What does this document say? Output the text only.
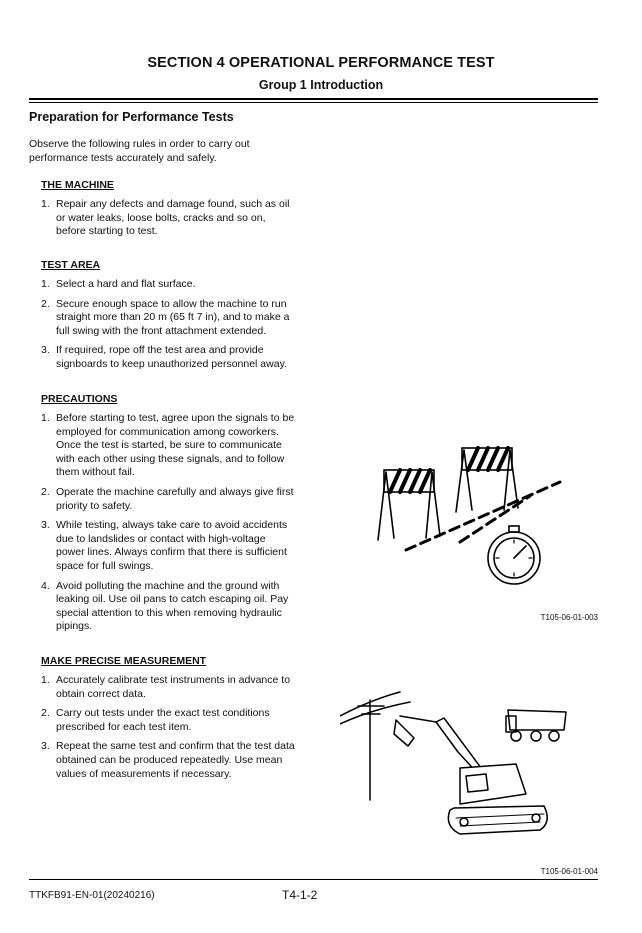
SECTION 4 OPERATIONAL PERFORMANCE TEST
Group 1 Introduction
Preparation for Performance Tests
Observe the following rules in order to carry out performance tests accurately and safely.
THE MACHINE
1. Repair any defects and damage found, such as oil or water leaks, loose bolts, cracks and so on, before starting to test.
TEST AREA
1. Select a hard and flat surface.
2. Secure enough space to allow the machine to run straight more than 20 m (65 ft 7 in), and to make a full swing with the front attachment extended.
3. If required, rope off the test area and provide signboards to keep unauthorized personnel away.
PRECAUTIONS
1. Before starting to test, agree upon the signals to be employed for communication among coworkers. Once the test is started, be sure to communicate with each other using these signals, and to follow them without fail.
2. Operate the machine carefully and always give first priority to safety.
3. While testing, always take care to avoid accidents due to landslides or contact with high-voltage power lines. Always confirm that there is sufficient space for full swings.
4. Avoid polluting the machine and the ground with leaking oil. Use oil pans to catch escaping oil. Pay special attention to this when removing hydraulic pipings.
MAKE PRECISE MEASUREMENT
1. Accurately calibrate test instruments in advance to obtain correct data.
2. Carry out tests under the exact test conditions prescribed for each test item.
3. Repeat the same test and confirm that the test data obtained can be produced repeatedly. Use mean values of measurements if necessary.
T105-06-01-003
T105-06-01-004
TTKFB91-EN-01(20240216)	T4-1-2
